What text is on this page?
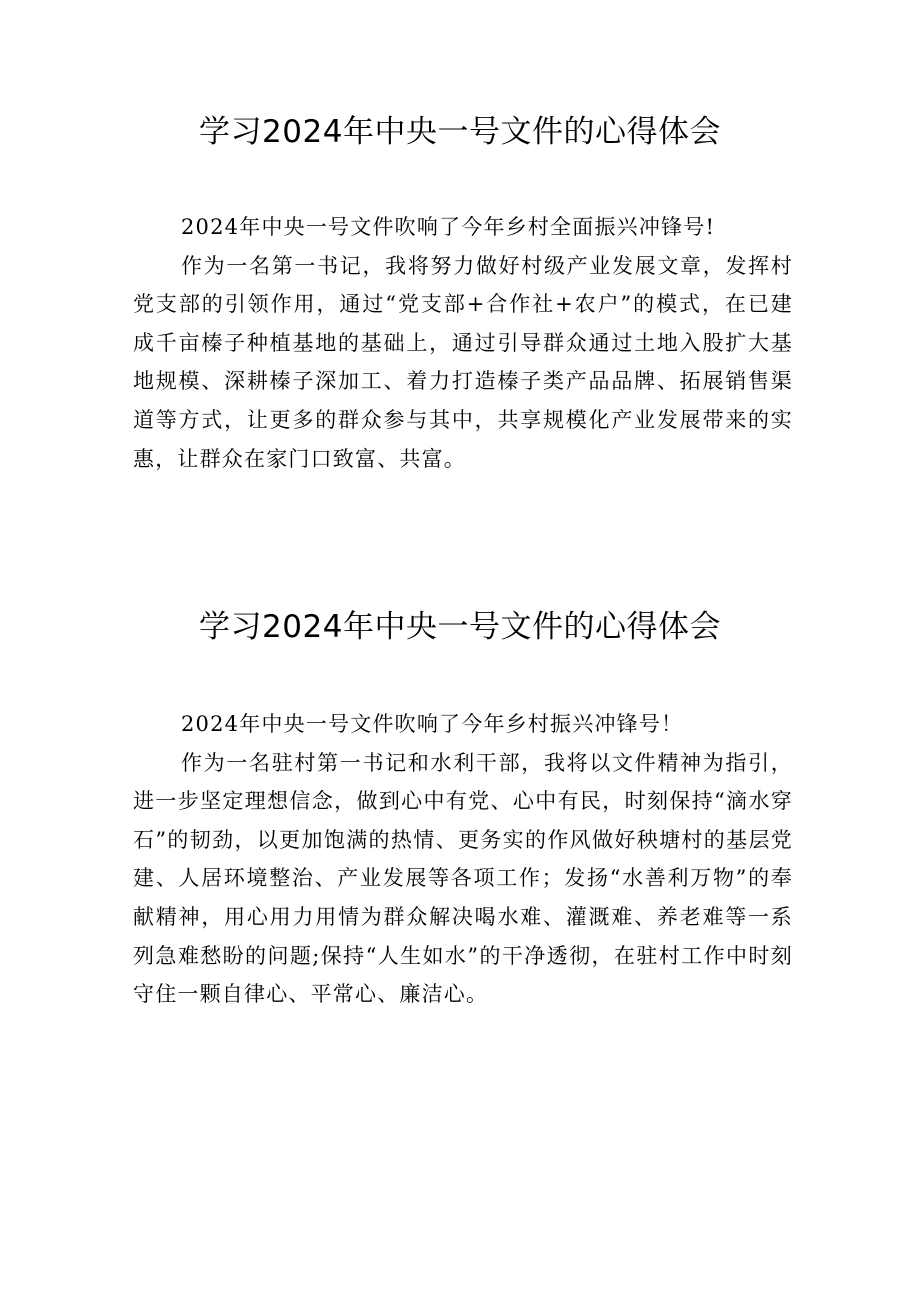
学习2024年中央一号文件的心得体会

2024年中央一号文件吹响了今年乡村全面振兴冲锋号!

作为一名第一书记，我将努力做好村级产业发展文章，发挥村党支部的引领作用，通过“党支部+合作社+农户”的模式，在已建成千亩榛子种植基地的基础上，通过引导群众通过土地入股扩大基地规模、深耕榛子深加工、着力打造榛子类产品品牌、拓展销售渠道等方式，让更多的群众参与其中，共享规模化产业发展带来的实惠，让群众在家门口致富、共富。

学习2024年中央一号文件的心得体会

2024年中央一号文件吹响了今年乡村振兴冲锋号！

作为一名驻村第一书记和水利干部，我将以文件精神为指引，进一步坚定理想信念，做到心中有党、心中有民，时刻保持“滴水穿石”的韧劲，以更加饱满的热情、更务实的作风做好秧塘村的基层党建、人居环境整治、产业发展等各项工作；发扬“水善利万物”的奉献精神，用心用力用情为群众解决喝水难、灌溉难、养老难等一系列急难愁盼的问题;保持“人生如水”的干净透彻，在驻村工作中时刻守住一颗自律心、平常心、廉洁心。
